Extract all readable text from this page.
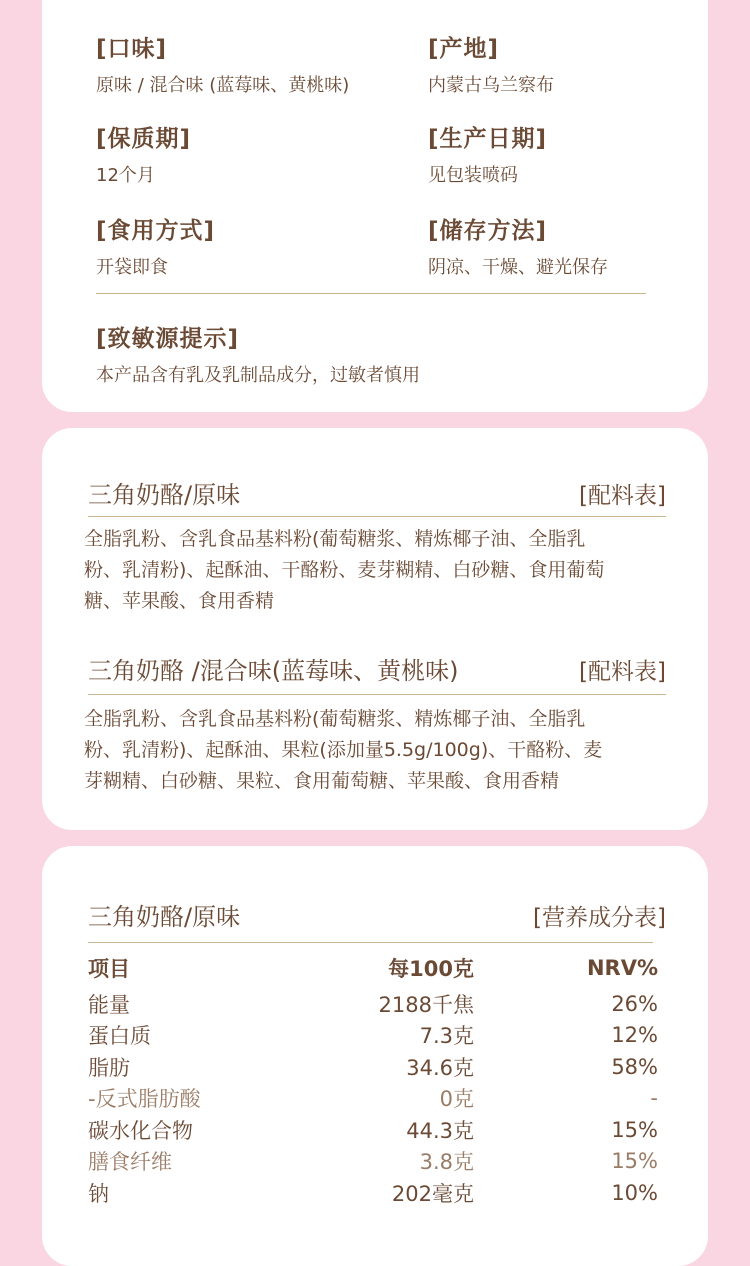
[口味]
原味 / 混合味 (蓝莓味、黄桃味)
[产地]
内蒙古乌兰察布
[保质期]
12个月
[生产日期]
见包装喷码
[食用方式]
开袋即食
[储存方法]
阴凉、干燥、避光保存
[致敏源提示]
本产品含有乳及乳制品成分，过敏者慎用
三角奶酪/原味	[配料表]
全脂乳粉、含乳食品基料粉(葡萄糖浆、精炼椰子油、全脂乳
粉、乳清粉)、起酥油、干酪粉、麦芽糊精、白砂糖、食用葡萄
糖、苹果酸、食用香精
三角奶酪 /混合味(蓝莓味、黄桃味)	[配料表]
全脂乳粉、含乳食品基料粉(葡萄糖浆、精炼椰子油、全脂乳
粉、乳清粉)、起酥油、果粒(添加量5.5g/100g)、干酪粉、麦
芽糊精、白砂糖、果粒、食用葡萄糖、苹果酸、食用香精
三角奶酪/原味	[营养成分表]
项目	每100克	NRV%
能量	2188千焦	26%
蛋白质	7.3克	12%
脂肪	34.6克	58%
-反式脂肪酸	0克	-
碳水化合物	44.3克	15%
膳食纤维	3.8克	15%
钠	202毫克	10%
